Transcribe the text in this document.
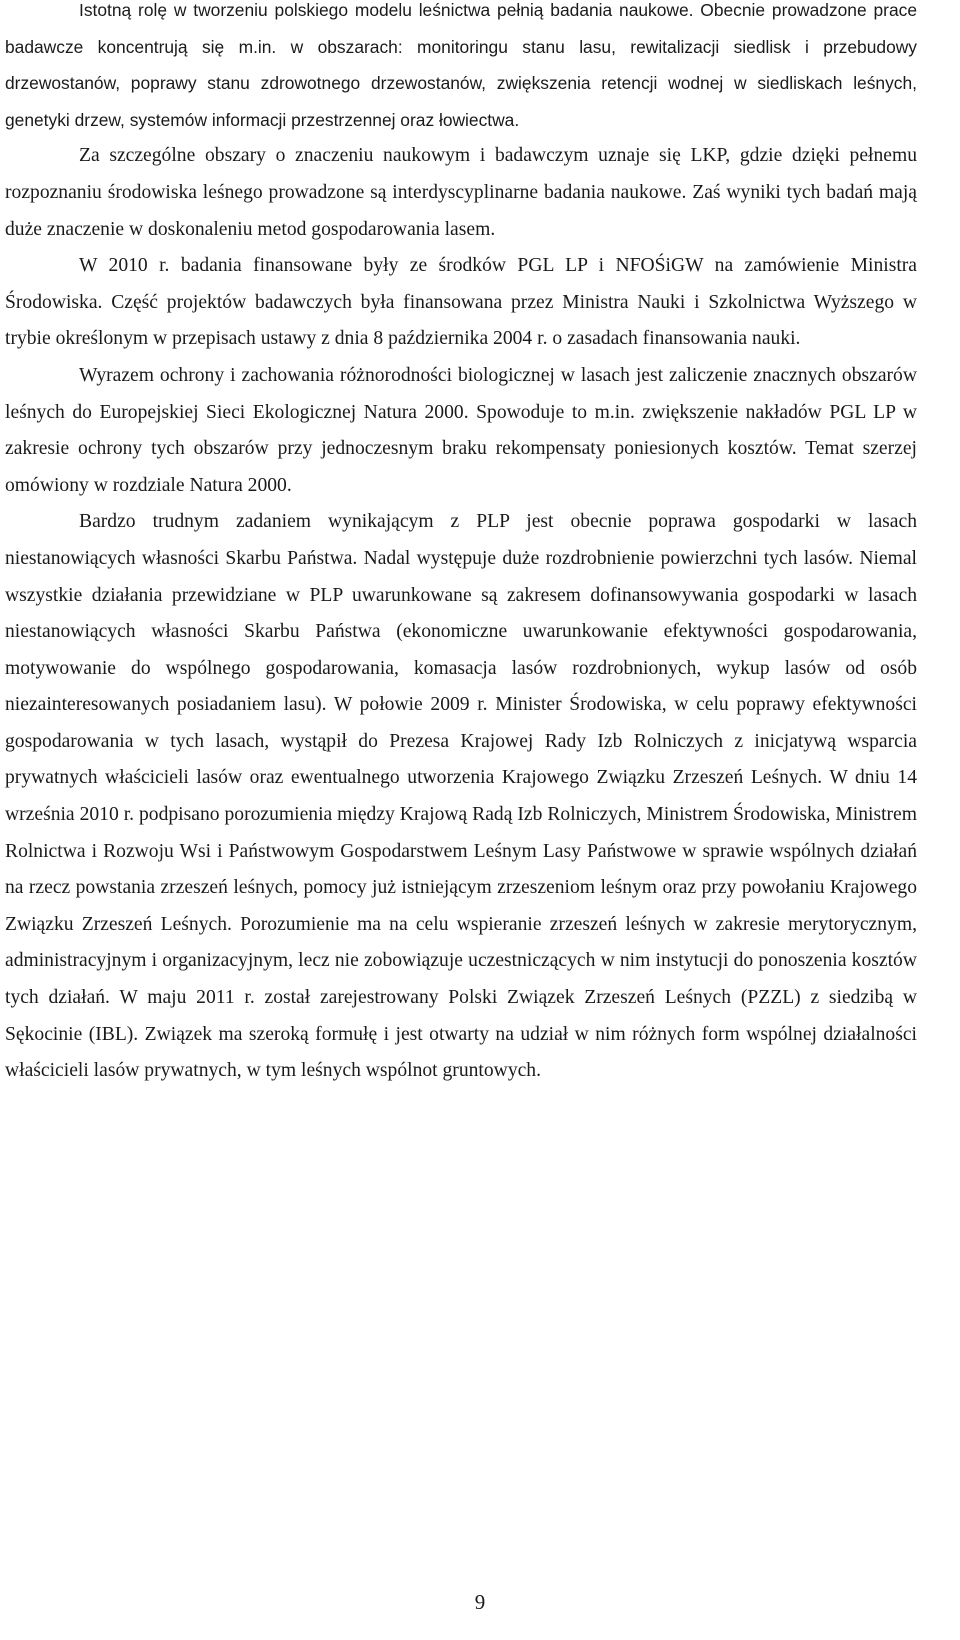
Istotną rolę w tworzeniu polskiego modelu leśnictwa pełnią badania naukowe. Obecnie prowadzone prace badawcze koncentrują się m.in. w obszarach: monitoringu stanu lasu, rewitalizacji siedlisk i przebudowy drzewostanów, poprawy stanu zdrowotnego drzewostanów, zwiększenia retencji wodnej w siedliskach leśnych, genetyki drzew, systemów informacji przestrzennej oraz łowiectwa.

Za szczególne obszary o znaczeniu naukowym i badawczym uznaje się LKP, gdzie dzięki pełnemu rozpoznaniu środowiska leśnego prowadzone są interdyscyplinarne badania naukowe. Zaś wyniki tych badań mają duże znaczenie w doskonaleniu metod gospodarowania lasem.

W 2010 r. badania finansowane były ze środków PGL LP i NFOŚiGW na zamówienie Ministra Środowiska. Część projektów badawczych była finansowana przez Ministra Nauki i Szkolnictwa Wyższego w trybie określonym w przepisach ustawy z dnia 8 października 2004 r. o zasadach finansowania nauki.

Wyrazem ochrony i zachowania różnorodności biologicznej w lasach jest zaliczenie znacznych obszarów leśnych do Europejskiej Sieci Ekologicznej Natura 2000. Spowoduje to m.in. zwiększenie nakładów PGL LP w zakresie ochrony tych obszarów przy jednoczesnym braku rekompensaty poniesionych kosztów. Temat szerzej omówiony w rozdziale Natura 2000.

Bardzo trudnym zadaniem wynikającym z PLP jest obecnie poprawa gospodarki w lasach niestanowiących własności Skarbu Państwa. Nadal występuje duże rozdrobnienie powierzchni tych lasów. Niemal wszystkie działania przewidziane w PLP uwarunkowane są zakresem dofinansowywania gospodarki w lasach niestanowiących własności Skarbu Państwa (ekonomiczne uwarunkowanie efektywności gospodarowania, motywowanie do wspólnego gospodarowania, komasacja lasów rozdrobnionych, wykup lasów od osób niezainteresowanych posiadaniem lasu). W połowie 2009 r. Minister Środowiska, w celu poprawy efektywności gospodarowania w tych lasach, wystąpił do Prezesa Krajowej Rady Izb Rolniczych z inicjatywą wsparcia prywatnych właścicieli lasów oraz ewentualnego utworzenia Krajowego Związku Zrzeszeń Leśnych. W dniu 14 września 2010 r. podpisano porozumienia między Krajową Radą Izb Rolniczych, Ministrem Środowiska, Ministrem Rolnictwa i Rozwoju Wsi i Państwowym Gospodarstwem Leśnym Lasy Państwowe w sprawie wspólnych działań na rzecz powstania zrzeszeń leśnych, pomocy już istniejącym zrzeszeniom leśnym oraz przy powołaniu Krajowego Związku Zrzeszeń Leśnych. Porozumienie ma na celu wspieranie zrzeszeń leśnych w zakresie merytorycznym, administracyjnym i organizacyjnym, lecz nie zobowiązuje uczestniczących w nim instytucji do ponoszenia kosztów tych działań. W maju 2011 r. został zarejestrowany Polski Związek Zrzeszeń Leśnych (PZZL) z siedzibą w Sękocinie (IBL). Związek ma szeroką formułę i jest otwarty na udział w nim różnych form wspólnej działalności właścicieli lasów prywatnych, w tym leśnych wspólnot gruntowych.

9
